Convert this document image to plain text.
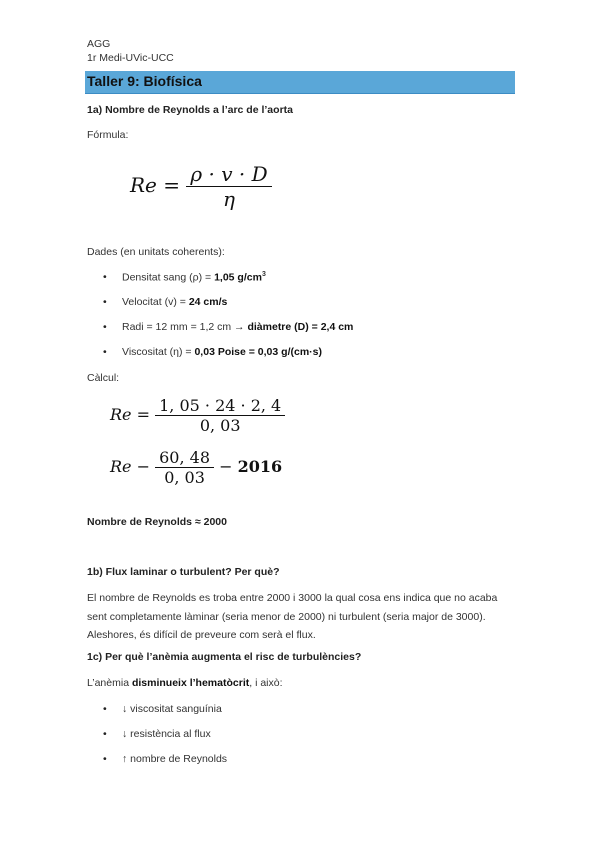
AGG
1r Medi-UVic-UCC
Taller 9: Biofísica
1a) Nombre de Reynolds a l’arc de l’aorta
Fórmula:
$Re = \frac{\rho \cdot v \cdot D}{\eta}$
Dades (en unitats coherents):
• Densitat sang (ρ) = 1,05 $g/cm^3$
• Velocitat (v) = 24 cm/s
• Radi = 12 mm = 1,2 cm → diàmetre (D) = 2,4 cm
• Viscositat (η) = 0,03 Poise = 0,03 g/(cm·s)
Càlcul:
$Re = \frac{1, 05 \cdot 24 \cdot 2, 4}{0, 03}$
$Re - \frac{60, 48}{0, 03} - 2016$
Nombre de Reynolds ≈ 2000
1b) Flux laminar o turbulent? Per què?
El nombre de Reynolds es troba entre 2000 i 3000 la qual cosa ens indica que no acaba sent completamente làminar (seria menor de 2000) ni turbulent (seria major de 3000). Aleshores, és difícil de preveure com serà el flux.
1c) Per què l’anèmia augmenta el risc de turbulències?
L’anèmia disminueix l’hematòcrit, i això:
• ↓ viscositat sanguínia
• ↓ resistència al flux
• ↑ nombre de Reynolds
